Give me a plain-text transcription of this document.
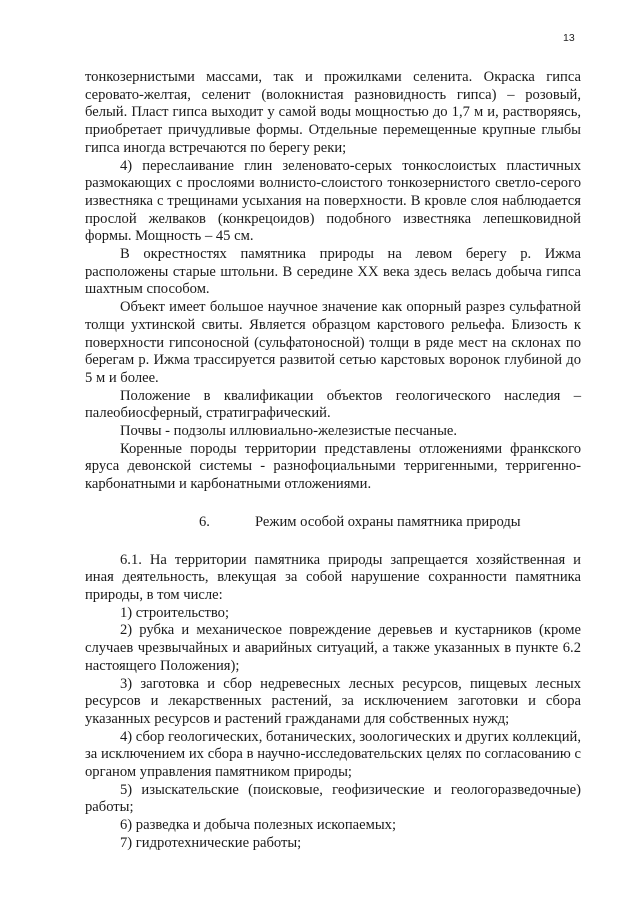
13

тонкозернистыми массами, так и прожилками селенита. Окраска гипса серовато-желтая, селенит (волокнистая разновидность гипса) – розовый, белый. Пласт гипса выходит у самой воды мощностью до 1,7 м и, растворяясь, приобретает причудливые формы. Отдельные перемещенные крупные глыбы гипса иногда встречаются по берегу реки;

4) переслаивание глин зеленовато-серых тонкослоистых пластичных размокающих с прослоями волнисто-слоистого тонкозернистого светло-серого известняка с трещинами усыхания на поверхности. В кровле слоя наблюдается прослой желваков (конкрецоидов) подобного известняка лепешковидной формы. Мощность – 45 см.

В окрестностях памятника природы на левом берегу р. Ижма расположены старые штольни. В середине ХХ века здесь велась добыча гипса шахтным способом.

Объект имеет большое научное значение как опорный разрез сульфатной толщи ухтинской свиты. Является образцом карстового рельефа. Близость к поверхности гипсоносной (сульфатоносной) толщи в ряде мест на склонах по берегам р. Ижма трассируется развитой сетью карстовых воронок глубиной до 5 м и более.

Положение в квалификации объектов геологического наследия – палеобиосферный, стратиграфический.

Почвы - подзолы иллювиально-железистые песчаные.

Коренные породы территории представлены отложениями франкского яруса девонской системы - разнофоциальными терригенными, терригенно-карбонатными и карбонатными отложениями.

6.	Режим особой охраны памятника природы

6.1. На территории памятника природы запрещается хозяйственная и иная деятельность, влекущая за собой нарушение сохранности памятника природы, в том числе:

1) строительство;

2) рубка и механическое повреждение деревьев и кустарников (кроме случаев чрезвычайных и аварийных ситуаций, а также указанных в пункте 6.2 настоящего Положения);

3) заготовка и сбор недревесных лесных ресурсов, пищевых лесных ресурсов и лекарственных растений, за исключением заготовки и сбора указанных ресурсов и растений гражданами для собственных нужд;

4) сбор геологических, ботанических, зоологических и других коллекций, за исключением их сбора в научно-исследовательских целях по согласованию с органом управления памятником природы;

5) изыскательские (поисковые, геофизические и геологоразведочные) работы;

6) разведка и добыча полезных ископаемых;

7) гидротехнические работы;
